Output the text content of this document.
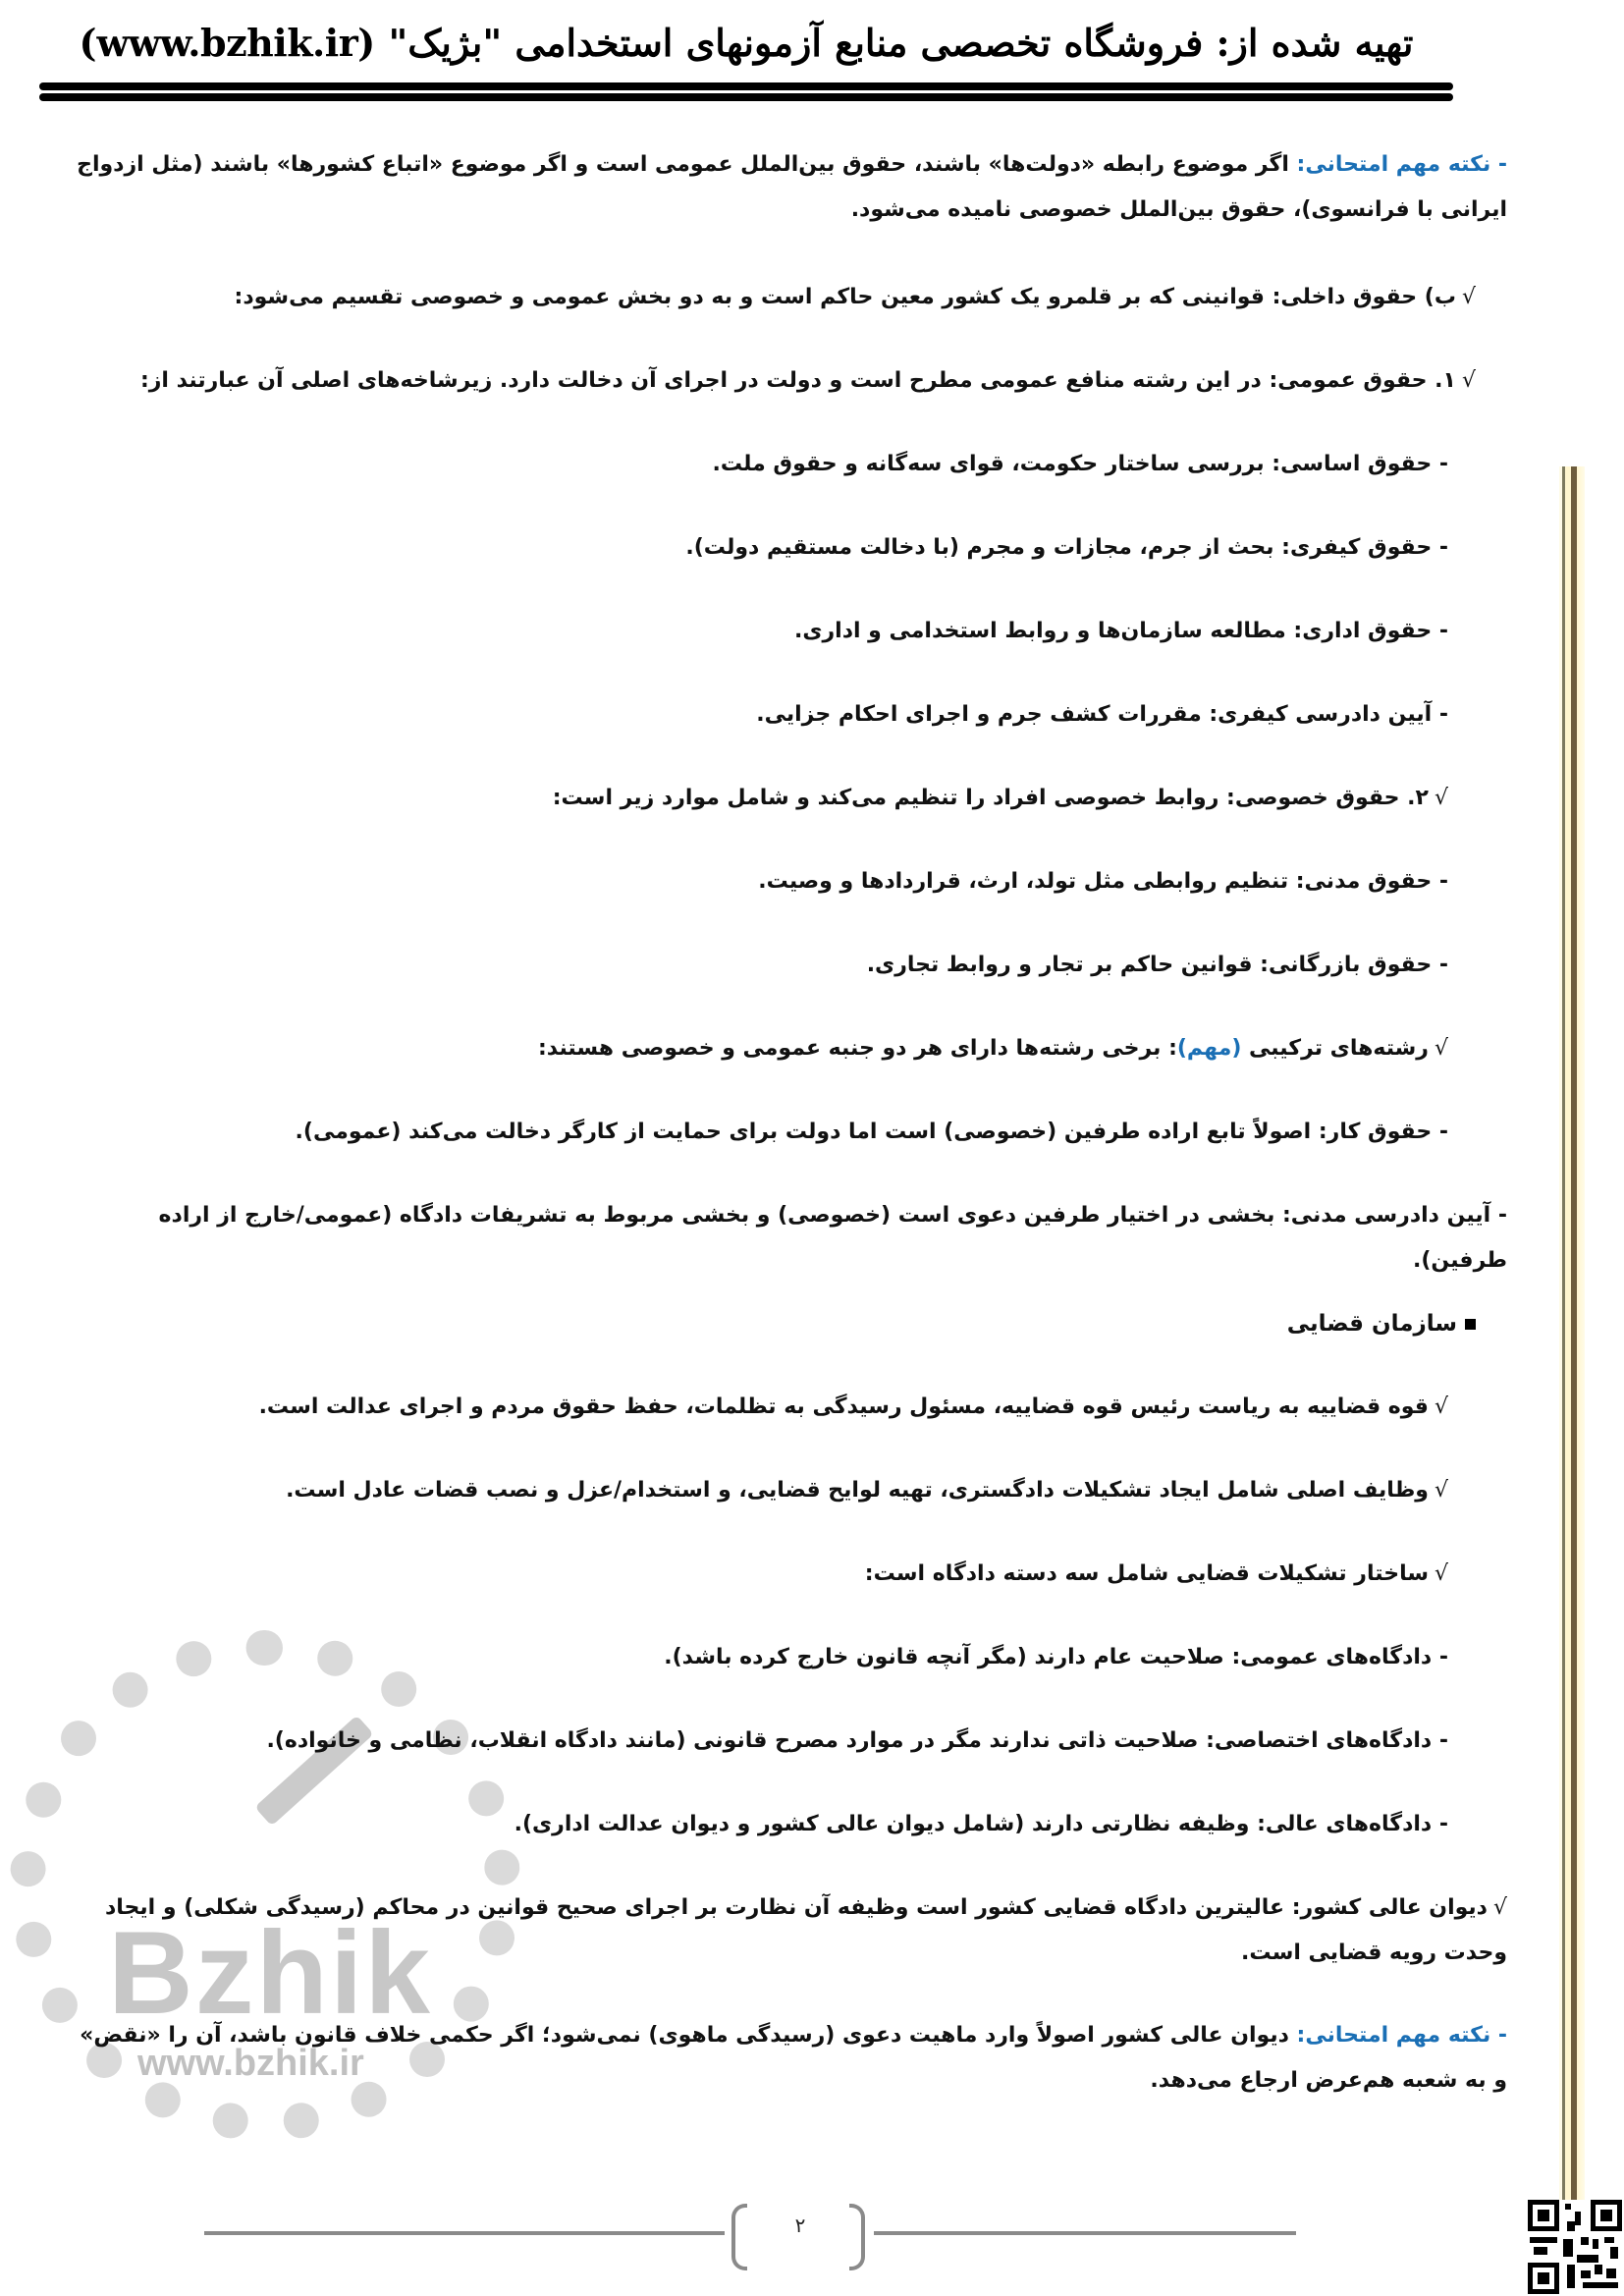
تهیه شده از: فروشگاه تخصصی منابع آزمونهای استخدامی "بژیک" (www.bzhik.ir)
Bzhik
www.bzhik.ir
- نکته مهم امتحانی: اگر موضوع رابطه «دولت‌ها» باشند، حقوق بین‌الملل عمومی است و اگر موضوع «اتباع کشورها» باشند (مثل ازدواج ایرانی با فرانسوی)، حقوق بین‌الملل خصوصی نامیده می‌شود.
√ب) حقوق داخلی: قوانینی که بر قلمرو یک کشور معین حاکم است و به دو بخش عمومی و خصوصی تقسیم می‌شود:
√۱. حقوق عمومی: در این رشته منافع عمومی مطرح است و دولت در اجرای آن دخالت دارد. زیرشاخه‌های اصلی آن عبارتند از:
- حقوق اساسی: بررسی ساختار حکومت، قوای سه‌گانه و حقوق ملت.
- حقوق کیفری: بحث از جرم، مجازات و مجرم (با دخالت مستقیم دولت).
- حقوق اداری: مطالعه سازمان‌ها و روابط استخدامی و اداری.
- آیین دادرسی کیفری: مقررات کشف جرم و اجرای احکام جزایی.
√۲. حقوق خصوصی: روابط خصوصی افراد را تنظیم می‌کند و شامل موارد زیر است:
- حقوق مدنی: تنظیم روابطی مثل تولد، ارث، قراردادها و وصیت.
- حقوق بازرگانی: قوانین حاکم بر تجار و روابط تجاری.
√رشته‌های ترکیبی (مهم): برخی رشته‌ها دارای هر دو جنبه عمومی و خصوصی هستند:
- حقوق کار: اصولاً تابع اراده طرفین (خصوصی) است اما دولت برای حمایت از کارگر دخالت می‌کند (عمومی).
- آیین دادرسی مدنی: بخشی در اختیار طرفین دعوی است (خصوصی) و بخشی مربوط به تشریفات دادگاه (عمومی/خارج از اراده طرفین).
سازمان قضایی
√قوه قضاییه به ریاست رئیس قوه قضاییه، مسئول رسیدگی به تظلمات، حفظ حقوق مردم و اجرای عدالت است.
√وظایف اصلی شامل ایجاد تشکیلات دادگستری، تهیه لوایح قضایی، و استخدام/عزل و نصب قضات عادل است.
√ساختار تشکیلات قضایی شامل سه دسته دادگاه است:
- دادگاه‌های عمومی: صلاحیت عام دارند (مگر آنچه قانون خارج کرده باشد).
- دادگاه‌های اختصاصی: صلاحیت ذاتی ندارند مگر در موارد مصرح قانونی (مانند دادگاه انقلاب، نظامی و خانواده).
- دادگاه‌های عالی: وظیفه نظارتی دارند (شامل دیوان عالی کشور و دیوان عدالت اداری).
√دیوان عالی کشور: عالیترین دادگاه قضایی کشور است وظیفه آن نظارت بر اجرای صحیح قوانین در محاکم (رسیدگی شکلی) و ایجاد وحدت رویه قضایی است.
- نکته مهم امتحانی: دیوان عالی کشور اصولاً وارد ماهیت دعوی (رسیدگی ماهوی) نمی‌شود؛ اگر حکمی خلاف قانون باشد، آن را «نقض» و به شعبه هم‌عرض ارجاع می‌دهد.
۲
